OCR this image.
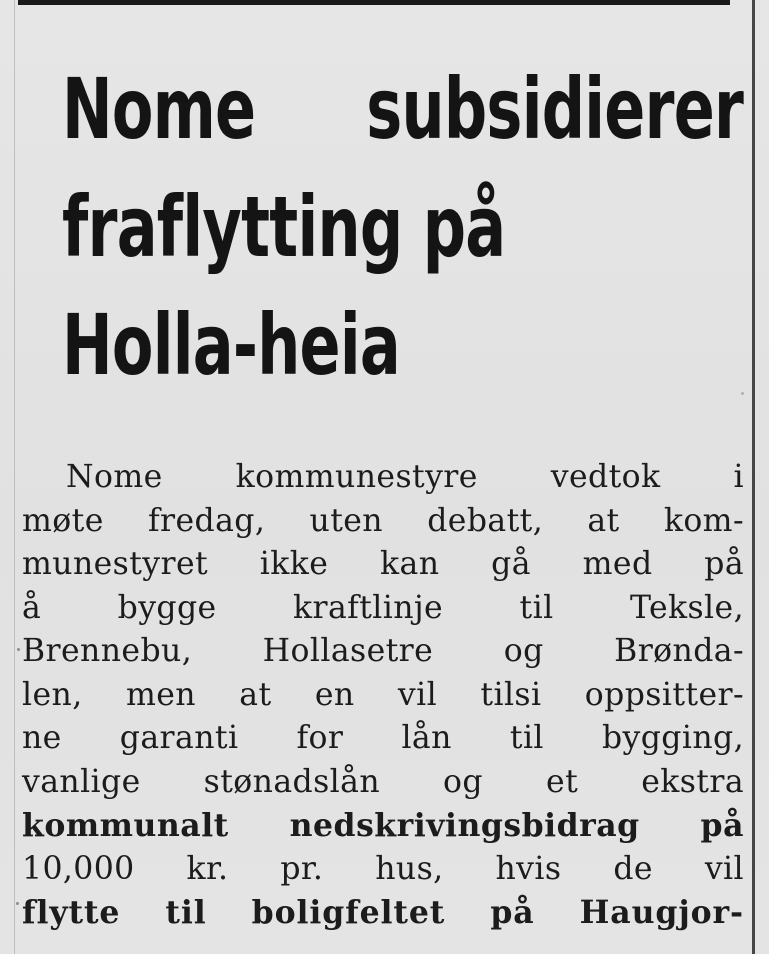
Nome subsidierer
fraflytting på
Holla-heia
Nome kommunestyre vedtok i
møte fredag, uten debatt, at kom-
munestyret ikke kan gå med på
å bygge kraftlinje til Teksle,
Brennebu, Hollasetre og Brønda-
len, men at en vil tilsi oppsitter-
ne garanti for lån til bygging,
vanlige stønadslån og et ekstra
kommunalt nedskrivingsbidrag på
10,000 kr. pr. hus, hvis de vil
flytte til boligfeltet på Haugjor-
